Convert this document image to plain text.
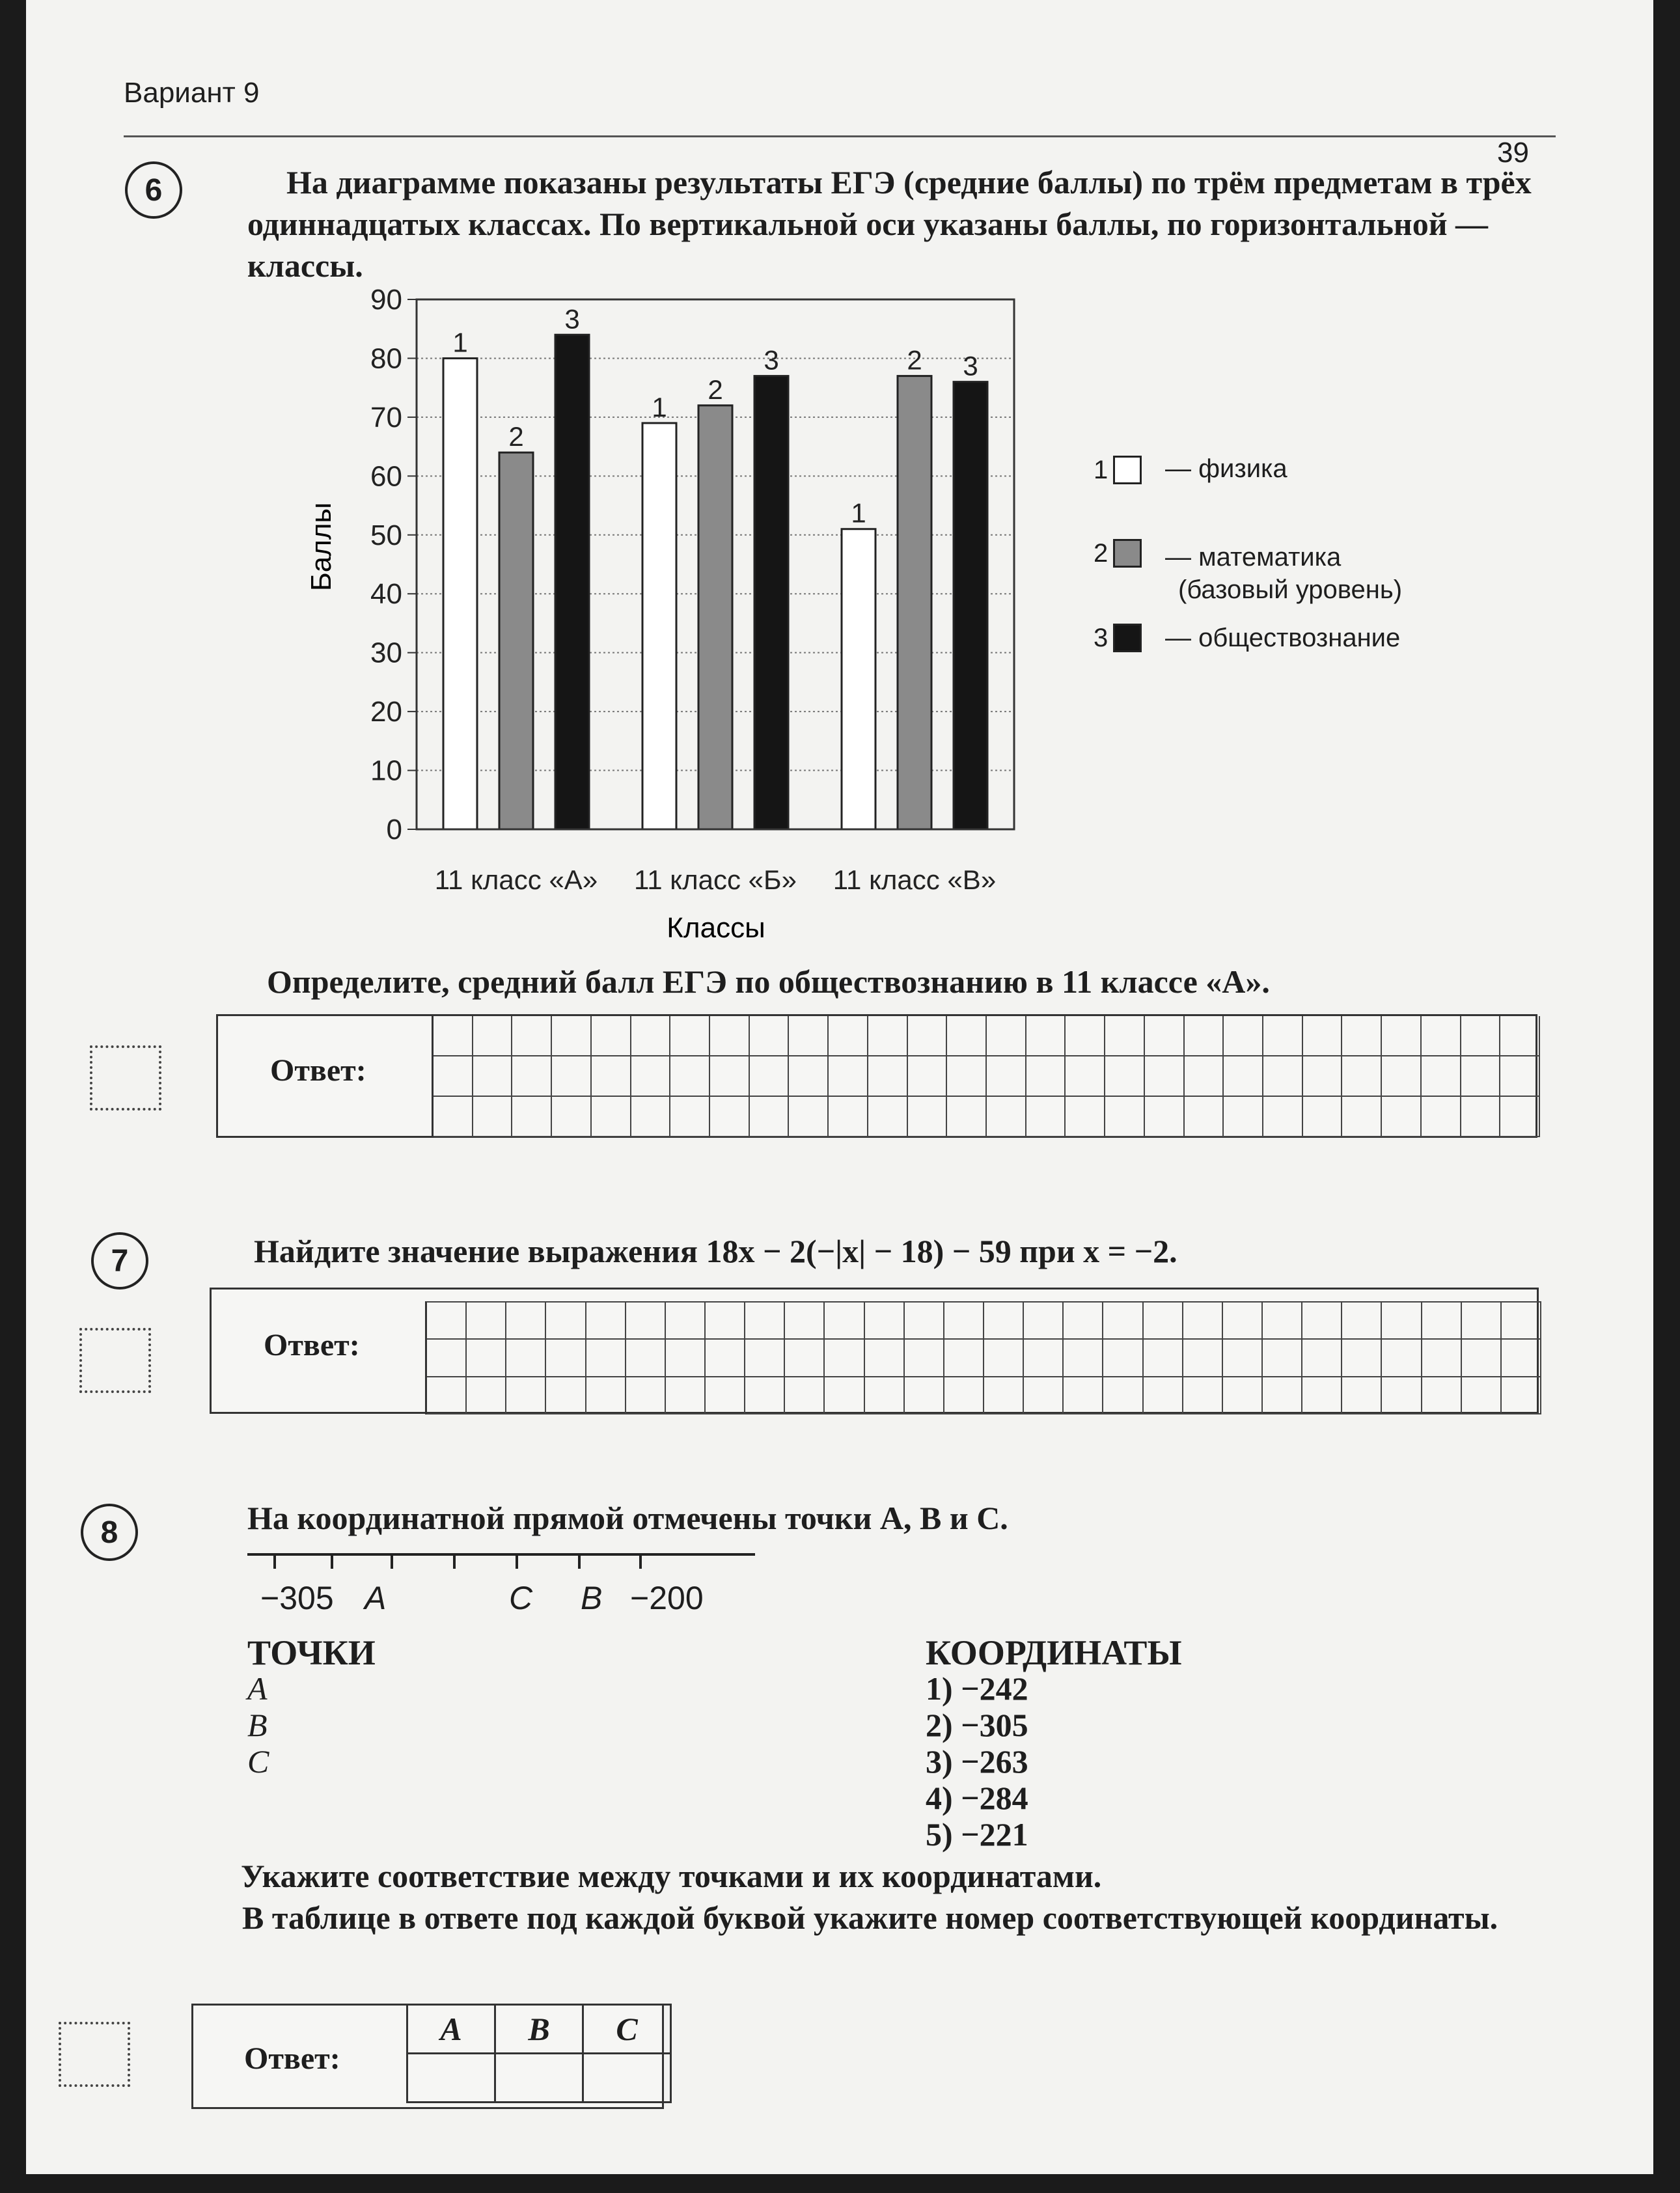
Вариант 9
39
6	На диаграмме показаны результаты ЕГЭ (средние баллы) по трём предметам в трёх одиннадцатых классах. По вертикальной оси указаны баллы, по горизонтальной — классы.
0
10
20
30
40
50
60
70
80
90
1
2
3
11 класс «А»
1
2
3
11 класс «Б»
1
2 3
11 класс «В»
Баллы
Классы
1 — физика
2 — математика
(базовый уровень)
3 — обществознание
Определите, средний балл ЕГЭ по обществознанию в 11 классе «А».
Ответ:
7	Найдите значение выражения 18x − 2(−|x| − 18) − 59 при x = −2.
Ответ:
8	На координатной прямой отмечены точки A, B и C.
−305 A	C B −200
ТОЧКИ
A
B
C
КООРДИНАТЫ
1) −242
2) −305
3) −263
4) −284
5) −221
Укажите соответствие между точками и их координатами.
В таблице в ответе под каждой буквой укажите номер соответствующей координаты.
Ответ:
A	B	C
